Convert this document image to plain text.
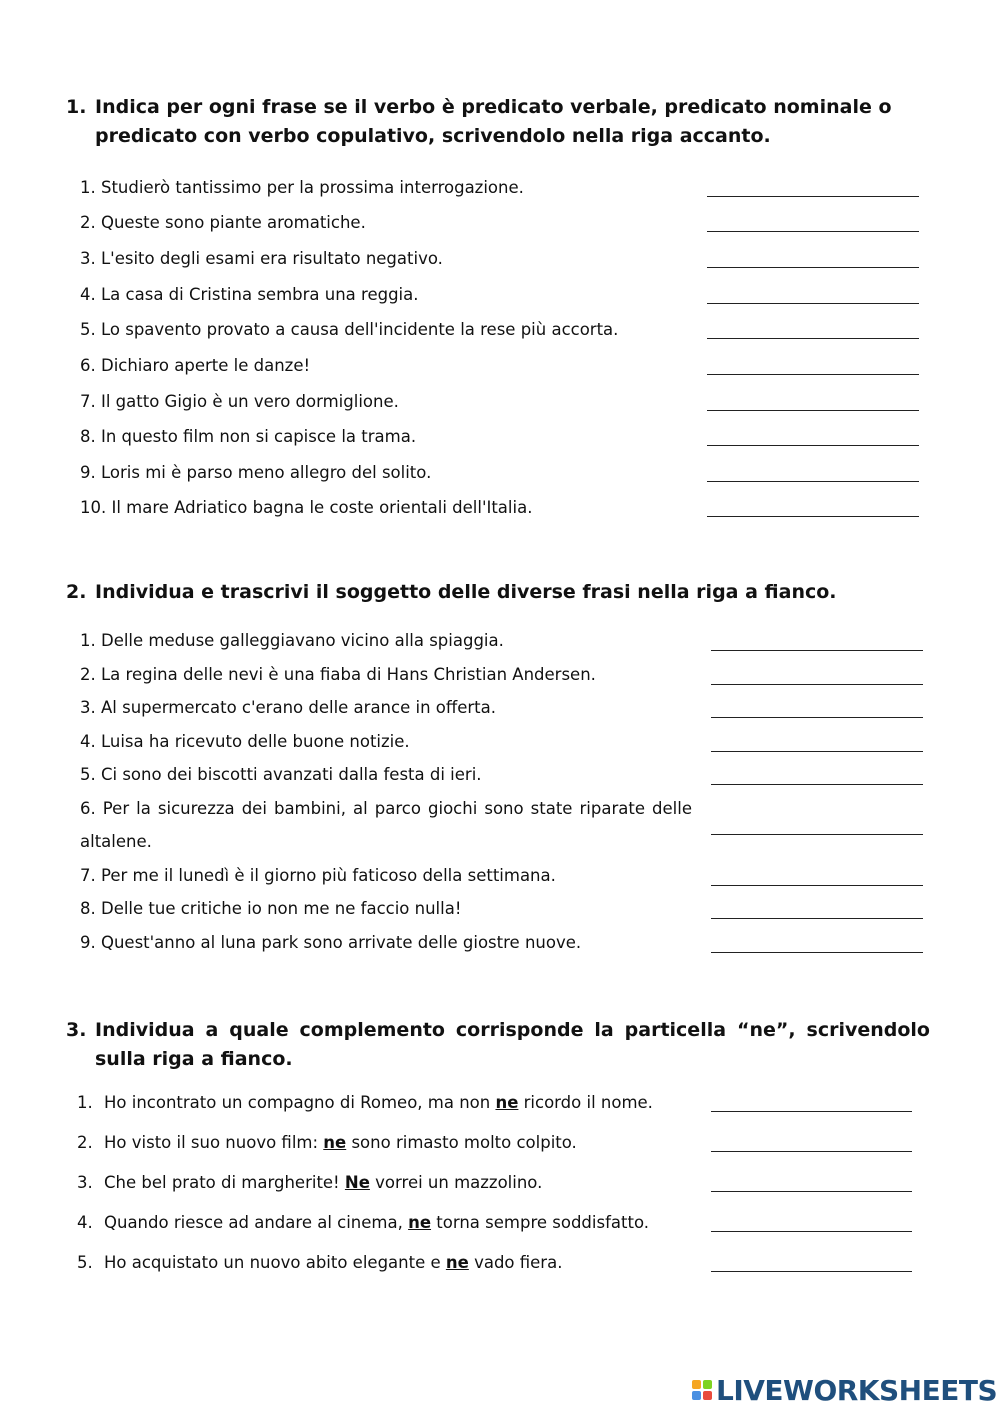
1. Indica per ogni frase se il verbo è predicato verbale, predicato nominale o predicato con verbo copulativo, scrivendolo nella riga accanto.
1. Studierò tantissimo per la prossima interrogazione.
2. Queste sono piante aromatiche.
3. L'esito degli esami era risultato negativo.
4. La casa di Cristina sembra una reggia.
5. Lo spavento provato a causa dell'incidente la rese più accorta.
6. Dichiaro aperte le danze!
7. Il gatto Gigio è un vero dormiglione.
8. In questo film non si capisce la trama.
9. Loris mi è parso meno allegro del solito.
10. Il mare Adriatico bagna le coste orientali dell'Italia.
2. Individua e trascrivi il soggetto delle diverse frasi nella riga a fianco.
1. Delle meduse galleggiavano vicino alla spiaggia.
2. La regina delle nevi è una fiaba di Hans Christian Andersen.
3. Al supermercato c'erano delle arance in offerta.
4. Luisa ha ricevuto delle buone notizie.
5. Ci sono dei biscotti avanzati dalla festa di ieri.
6. Per la sicurezza dei bambini, al parco giochi sono state riparate delle altalene.
7. Per me il lunedì è il giorno più faticoso della settimana.
8. Delle tue critiche io non me ne faccio nulla!
9. Quest'anno al luna park sono arrivate delle giostre nuove.
3. Individua a quale complemento corrisponde la particella “ne”, scrivendolo sulla riga a fianco.
1. Ho incontrato un compagno di Romeo, ma non ne ricordo il nome.
2. Ho visto il suo nuovo film: ne sono rimasto molto colpito.
3. Che bel prato di margherite! Ne vorrei un mazzolino.
4. Quando riesce ad andare al cinema, ne torna sempre soddisfatto.
5. Ho acquistato un nuovo abito elegante e ne vado fiera.
LIVEWORKSHEETS
